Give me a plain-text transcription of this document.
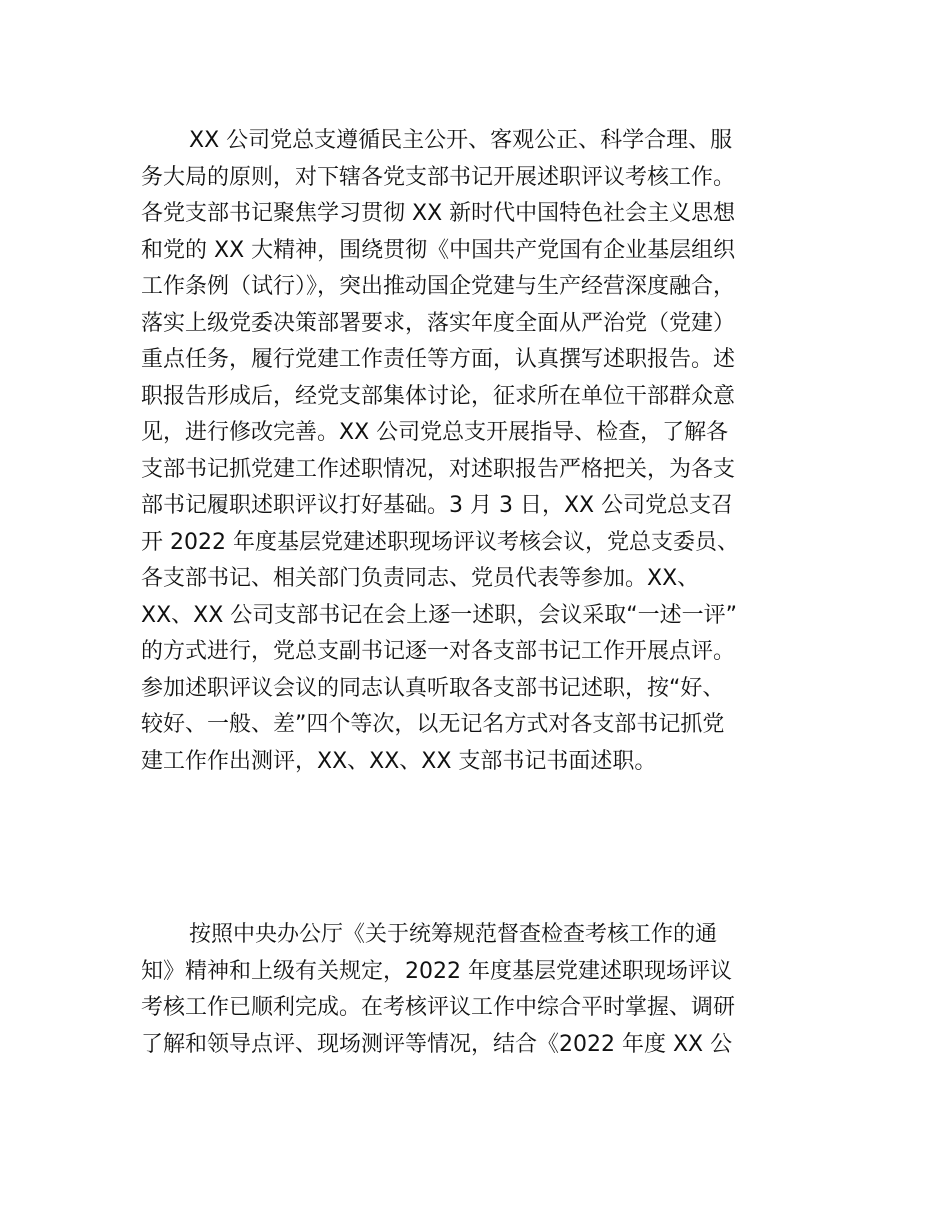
XX 公司党总支遵循民主公开、客观公正、科学合理、服
务大局的原则，对下辖各党支部书记开展述职评议考核工作。
各党支部书记聚焦学习贯彻 XX 新时代中国特色社会主义思想
和党的 XX 大精神，围绕贯彻《中国共产党国有企业基层组织
工作条例（试行）》，突出推动国企党建与生产经营深度融合，
落实上级党委决策部署要求，落实年度全面从严治党（党建）
重点任务，履行党建工作责任等方面，认真撰写述职报告。述
职报告形成后，经党支部集体讨论，征求所在单位干部群众意
见，进行修改完善。XX 公司党总支开展指导、检查，了解各
支部书记抓党建工作述职情况，对述职报告严格把关，为各支
部书记履职述职评议打好基础。3 月 3 日，XX 公司党总支召
开 2022 年度基层党建述职现场评议考核会议，党总支委员、
各支部书记、相关部门负责同志、党员代表等参加。XX、
XX、XX 公司支部书记在会上逐一述职，会议采取“一述一评”
的方式进行，党总支副书记逐一对各支部书记工作开展点评。
参加述职评议会议的同志认真听取各支部书记述职，按“好、
较好、一般、差”四个等次，以无记名方式对各支部书记抓党
建工作作出测评，XX、XX、XX 支部书记书面述职。
按照中央办公厅《关于统筹规范督查检查考核工作的通
知》精神和上级有关规定，2022 年度基层党建述职现场评议
考核工作已顺利完成。在考核评议工作中综合平时掌握、调研
了解和领导点评、现场测评等情况，结合《2022 年度 XX 公
